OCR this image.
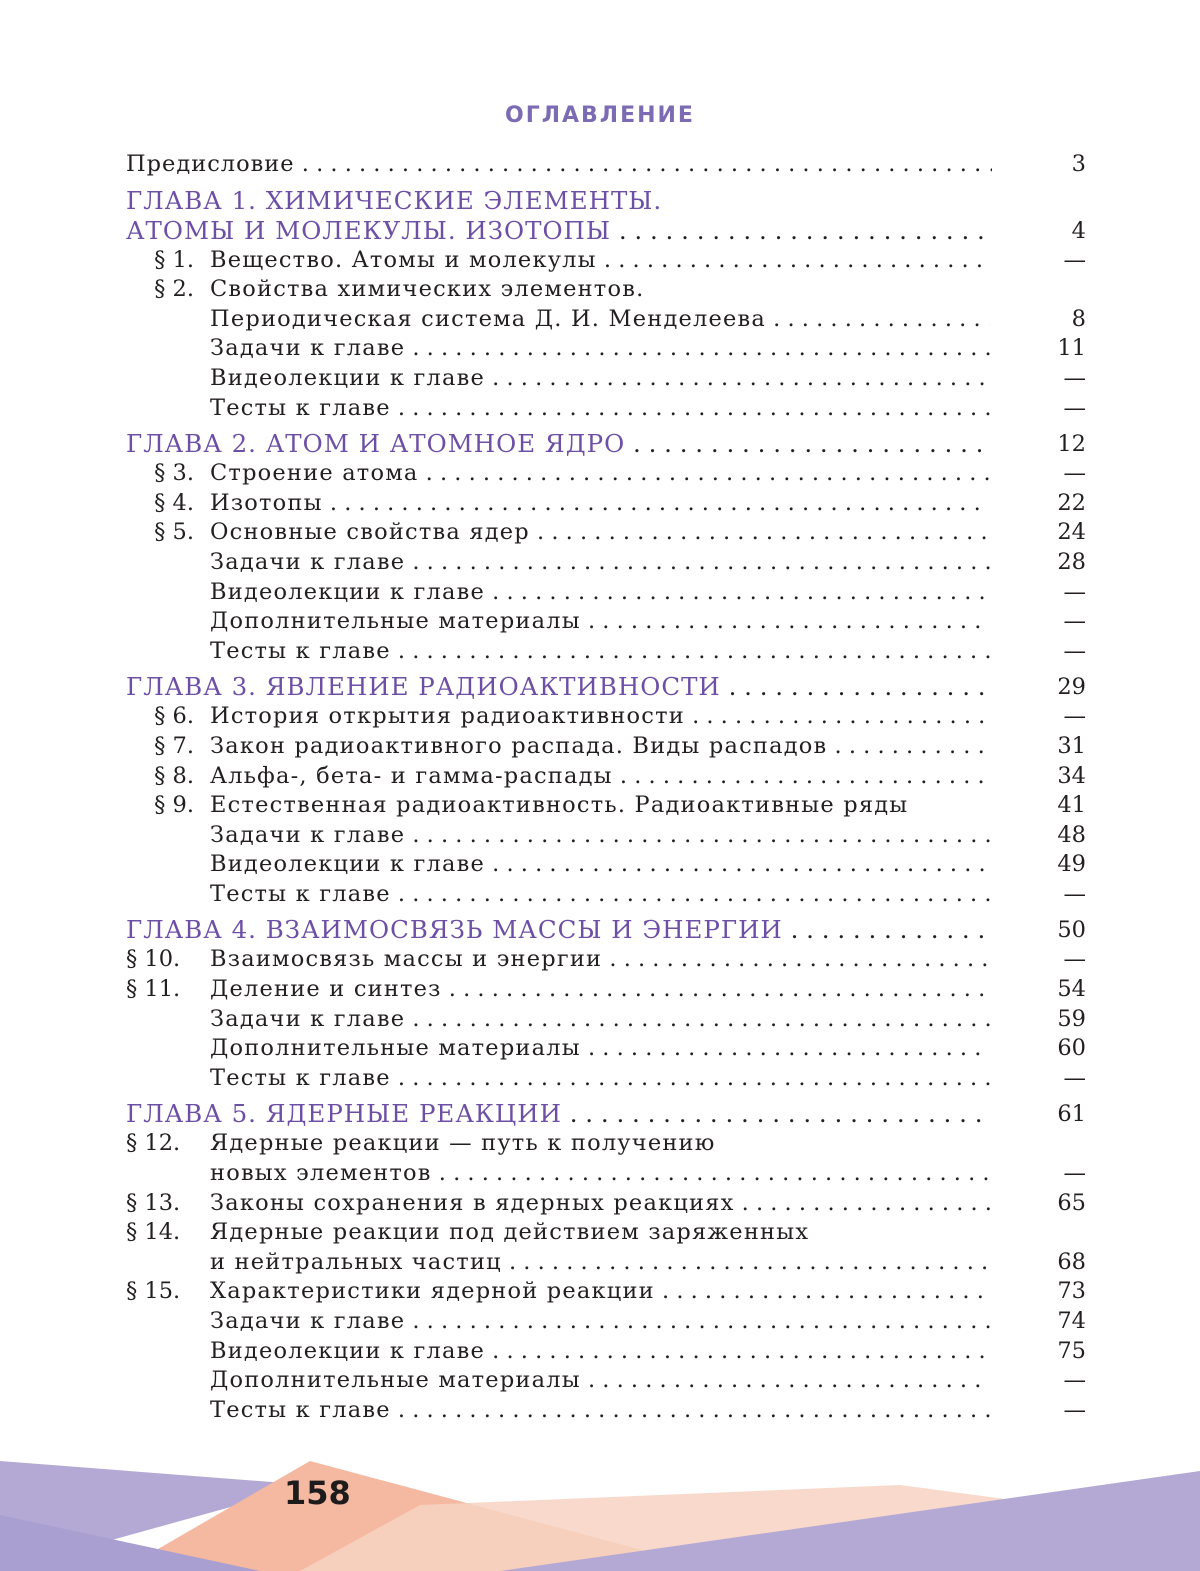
ОГЛАВЛЕНИЕ
Предисловие . . .	3
ГЛАВА 1. ХИМИЧЕСКИЕ ЭЛЕМЕНТЫ.
АТОМЫ И МОЛЕКУЛЫ. ИЗОТОПЫ . . .	4
§ 1. Вещество. Атомы и молекулы . . .	—
§ 2. Свойства химических элементов.
Периодическая система Д. И. Менделеева . . .	8
Задачи к главе . . .	11
Видеолекции к главе . . .	—
Тесты к главе . . .	—
ГЛАВА 2. АТОМ И АТОМНОЕ ЯДРО . . .	12
§ 3. Строение атома . . .	—
§ 4. Изотопы . . .	22
§ 5. Основные свойства ядер . . .	24
Задачи к главе . . .	28
Видеолекции к главе . . .	—
Дополнительные материалы . . .	—
Тесты к главе . . .	—
ГЛАВА 3. ЯВЛЕНИЕ РАДИОАКТИВНОСТИ . . .	29
§ 6. История открытия радиоактивности . . .	—
§ 7. Закон радиоактивного распада. Виды распадов . . .	31
§ 8. Альфа-, бета- и гамма-распады . . .	34
§ 9. Естественная радиоактивность. Радиоактивные ряды	41
Задачи к главе . . .	48
Видеолекции к главе . . .	49
Тесты к главе . . .	—
ГЛАВА 4. ВЗАИМОСВЯЗЬ МАССЫ И ЭНЕРГИИ . . .	50
§ 10.	Взаимосвязь массы и энергии . . .	—
§ 11.	Деление и синтез . . .	54
Задачи к главе . . .	59
Дополнительные материалы . . .	60
Тесты к главе . . .	—
ГЛАВА 5. ЯДЕРНЫЕ РЕАКЦИИ . . .	61
§ 12.	Ядерные реакции — путь к получению
новых элементов . . .	—
§ 13.	Законы сохранения в ядерных реакциях . . .	65
§ 14.	Ядерные реакции под действием заряженных
и нейтральных частиц . . .	68
§ 15.	Характеристики ядерной реакции . . .	73
Задачи к главе . . .	74
Видеолекции к главе . . .	75
Дополнительные материалы . . .	—
Тесты к главе . . .	—
158
